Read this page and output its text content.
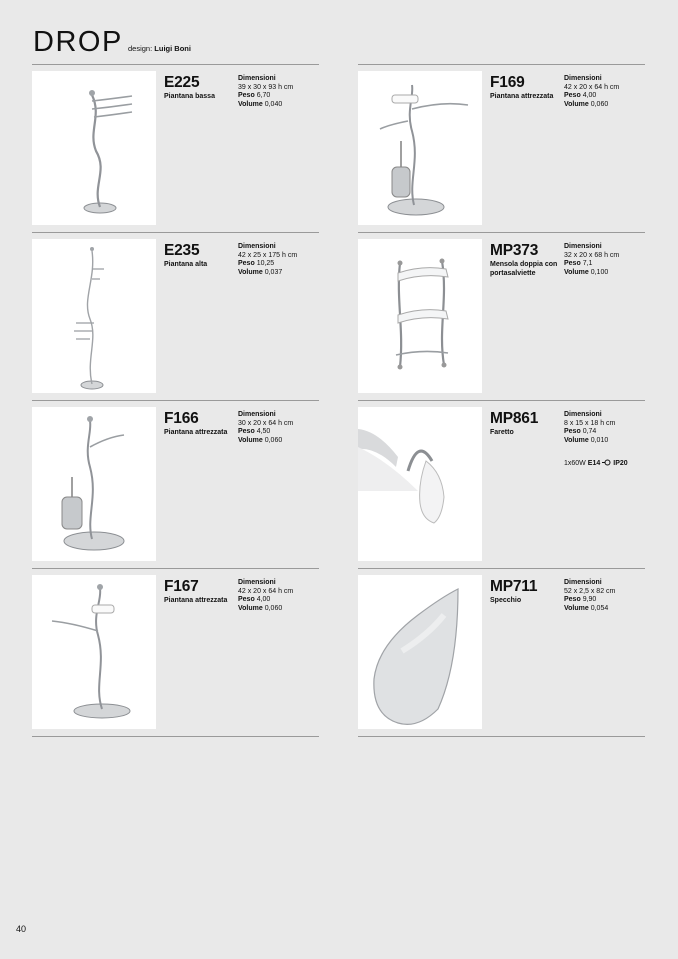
DROP design: Luigi Boni
E225
Piantana bassa
Dimensioni
39 x 30 x 93 h cm
Peso 6,70
Volume 0,040
E235
Piantana alta
Dimensioni
42 x 25 x 175 h cm
Peso 10,25
Volume 0,037
F166
Piantana attrezzata
Dimensioni
30 x 20 x 64 h cm
Peso 4,50
Volume 0,060
F167
Piantana attrezzata
Dimensioni
42 x 20 x 64 h cm
Peso 4,00
Volume 0,060
F169
Piantana attrezzata
Dimensioni
42 x 20 x 64 h cm
Peso 4,00
Volume 0,060
MP373
Mensola doppia con portasalviette
Dimensioni
32 x 20 x 68 h cm
Peso 7,1
Volume 0,100
MP861
Faretto
Dimensioni
8 x 15 x 18 h cm
Peso 0,74
Volume 0,010
1x60W E14 IP20
MP711
Specchio
Dimensioni
52 x 2,5 x 82 cm
Peso 9,90
Volume 0,054
40
